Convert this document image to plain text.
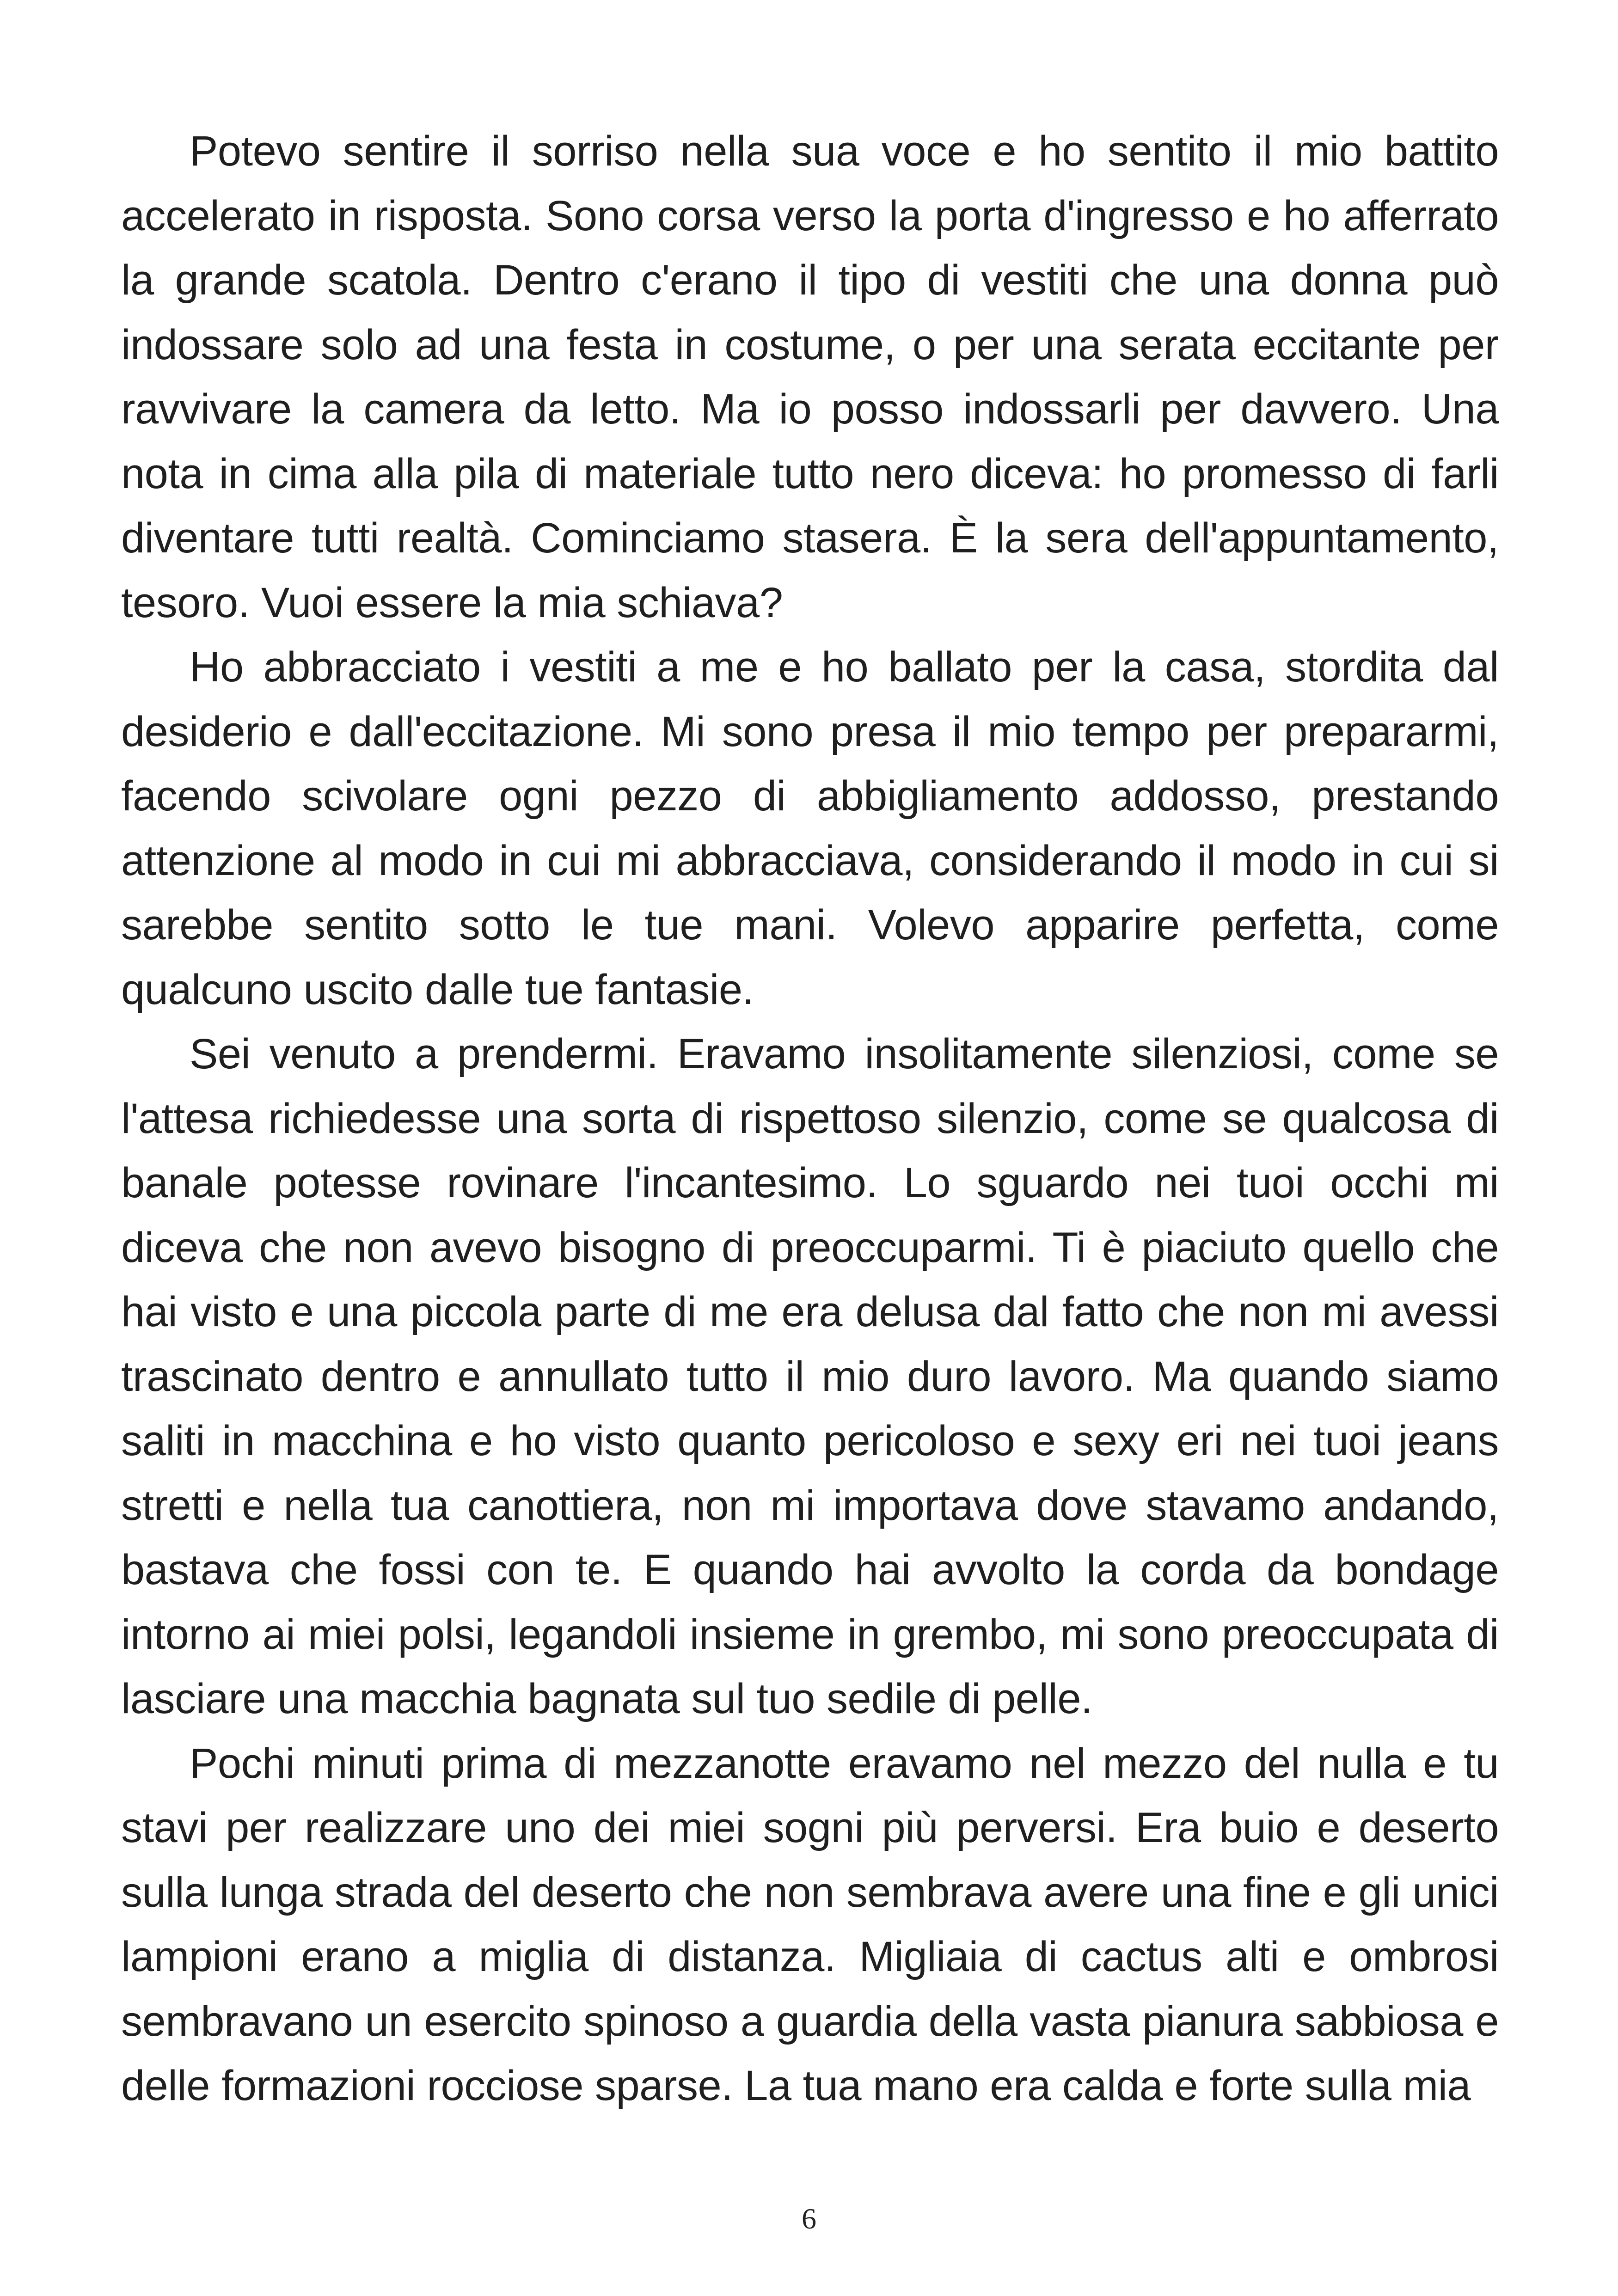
Potevo sentire il sorriso nella sua voce e ho sentito il mio battito accelerato in risposta. Sono corsa verso la porta d'ingresso e ho afferrato la grande scatola. Dentro c'erano il tipo di vestiti che una donna può indossare solo ad una festa in costume, o per una serata eccitante per ravvivare la camera da letto. Ma io posso indossarli per davvero. Una nota in cima alla pila di materiale tutto nero diceva: ho promesso di farli diventare tutti realtà. Cominciamo stasera. È la sera dell'appuntamento, tesoro. Vuoi essere la mia schiava?

Ho abbracciato i vestiti a me e ho ballato per la casa, stordita dal desiderio e dall'eccitazione. Mi sono presa il mio tempo per prepararmi, facendo scivolare ogni pezzo di abbigliamento addosso, prestando attenzione al modo in cui mi abbracciava, considerando il modo in cui si sarebbe sentito sotto le tue mani. Volevo apparire perfetta, come qualcuno uscito dalle tue fantasie.

Sei venuto a prendermi. Eravamo insolitamente silenziosi, come se l'attesa richiedesse una sorta di rispettoso silenzio, come se qualcosa di banale potesse rovinare l'incantesimo. Lo sguardo nei tuoi occhi mi diceva che non avevo bisogno di preoccuparmi. Ti è piaciuto quello che hai visto e una piccola parte di me era delusa dal fatto che non mi avessi trascinato dentro e annullato tutto il mio duro lavoro. Ma quando siamo saliti in macchina e ho visto quanto pericoloso e sexy eri nei tuoi jeans stretti e nella tua canottiera, non mi importava dove stavamo andando, bastava che fossi con te. E quando hai avvolto la corda da bondage intorno ai miei polsi, legandoli insieme in grembo, mi sono preoccupata di lasciare una macchia bagnata sul tuo sedile di pelle.

Pochi minuti prima di mezzanotte eravamo nel mezzo del nulla e tu stavi per realizzare uno dei miei sogni più perversi. Era buio e deserto sulla lunga strada del deserto che non sembrava avere una fine e gli unici lampioni erano a miglia di distanza. Migliaia di cactus alti e ombrosi sembravano un esercito spinoso a guardia della vasta pianura sabbiosa e delle formazioni rocciose sparse. La tua mano era calda e forte sulla mia

6
